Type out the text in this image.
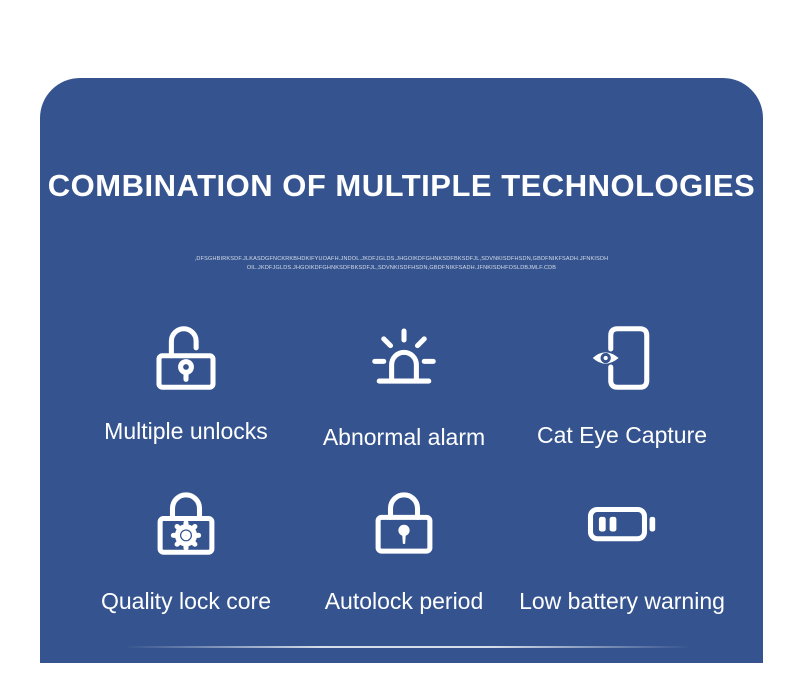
COMBINATION OF MULTIPLE TECHNOLOGIES
,DFSGHBIRKSDF.JLKASDGFNCKRKBHDKIFYUOAFH.JNDOL.JKDFJGLDS.JHGOIKDFGHNKSDFBKSDFJL,SDVNKISDFHSDN,GBDFNIKFSADH.JFNKISDH
OIL.JKDFJGLDS.JHGOIKDFGHNKSDFBKSDFJL,SDVNKISDFHSDN,GBDFNIKFSADH.JFNKISDHFOSLDBJMLF.CDB
Multiple unlocks Abnormal alarm Cat Eye Capture
Quality lock core Autolock period Low battery warning
